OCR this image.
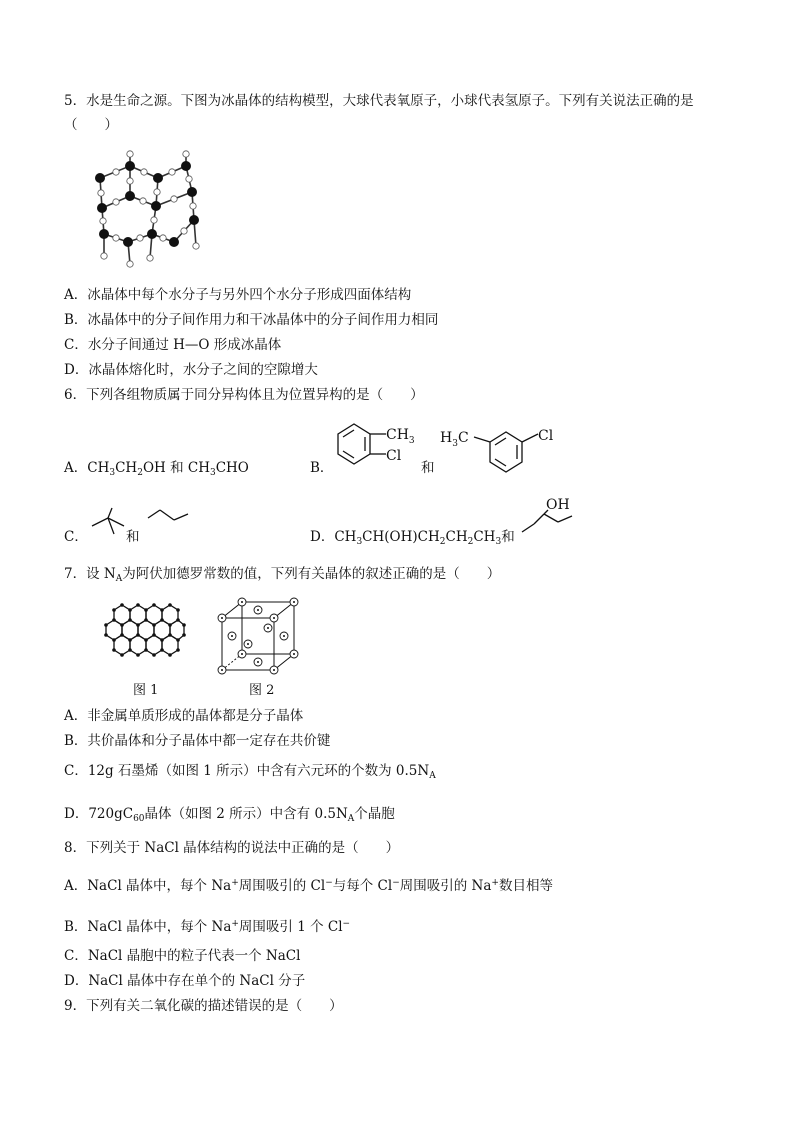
5．水是生命之源。下图为冰晶体的结构模型，大球代表氧原子，小球代表氢原子。下列有关说法正确的是
（　　）
A．冰晶体中每个水分子与另外四个水分子形成四面体结构
B．冰晶体中的分子间作用力和干冰晶体中的分子间作用力相同
C．水分子间通过 H—O 形成冰晶体
D．冰晶体熔化时，水分子之间的空隙增大
6．下列各组物质属于同分异构体且为位置异构的是（　　）
A．$CH_3CH_2OH$ 和 $CH_3CHO$	B．
$CH_3$
Cl
和
$H_3C$	Cl
C．	和	D．$CH_3CH(OH)CH_2CH_2CH_3$和
OH
7．设 $N_A$为阿伏加德罗常数的值，下列有关晶体的叙述正确的是（　　）
图 1	图 2
A．非金属单质形成的晶体都是分子晶体
B．共价晶体和分子晶体中都一定存在共价键
C．12g 石墨烯（如图 1 所示）中含有六元环的个数为 $0.5N_A$
D．$720gC_{60}$晶体（如图 2 所示）中含有 $0.5N_A$个晶胞
8．下列关于 NaCl 晶体结构的说法中正确的是（　　）
A．NaCl 晶体中，每个 Na+周围吸引的 Cl−与每个 Cl−周围吸引的 Na+数目相等
B．NaCl 晶体中，每个 Na+周围吸引 1 个 Cl−
C．NaCl 晶胞中的粒子代表一个 NaCl
D．NaCl 晶体中存在单个的 NaCl 分子
9．下列有关二氧化碳的描述错误的是（　　）
